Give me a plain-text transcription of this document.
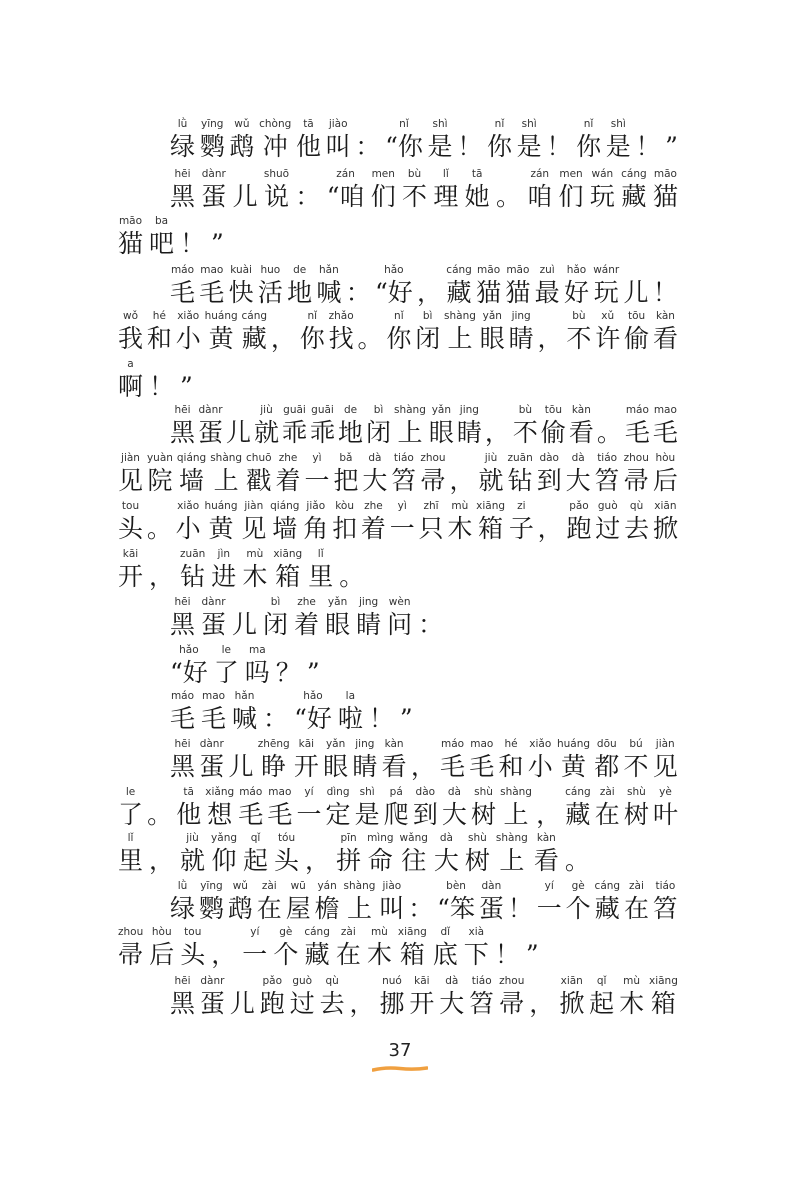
绿lǜ
鹦yīng
鹉wǔ
冲chòng
他tā
叫jiào
： “你nǐ
是shì
！ 你nǐ
是shì
！ 你nǐ
是shì
！ ”
黑hēi
蛋dànr
儿 说shuō
： “咱zán
们men
不bù
理lǐ
她tā
。 咱zán
们men
玩wán
藏cáng
猫māo
猫māo
吧ba
！ ”
毛máo
毛mao
快kuài
活huo
地de
喊hǎn
： “好hǎo
， 藏cáng
猫māo
猫māo
最zuì
好hǎo
玩wánr
儿 ！
我wǒ
和hé
小xiǎo
黄huáng
藏cáng
， 你nǐ
找zhǎo
。 你nǐ
闭bì
上shàng
眼yǎn
睛jing
， 不bù
许xǔ
偷tōu
看kàn
啊a
！ ”
黑hēi
蛋dànr
儿 就jiù
乖guāi
乖guāi
地de
闭bì
上shàng
眼yǎn
睛jing
， 不bù
偷tōu
看kàn
。 毛máo
毛mao
见jiàn
院yuàn
墙qiáng
上shàng
戳chuō
着zhe
一yì
把bǎ
大dà
笤tiáo
帚zhou
， 就jiù
钻zuān
到dào
大dà
笤tiáo
帚zhou
后hòu
头tou
。 小xiǎo
黄huáng
见jiàn
墙qiáng
角jiǎo
扣kòu
着zhe
一yì
只zhī
木mù
箱xiāng
子zi
， 跑pǎo
过guò
去qù
掀xiān
开kāi
， 钻zuān
进jìn
木mù
箱xiāng
里lǐ
。
黑hēi
蛋dànr
儿 闭bì
着zhe
眼yǎn
睛jing
问wèn
：
“好hǎo
了le
吗ma
？ ”
毛máo
毛mao
喊hǎn
： “好hǎo
啦la
！ ”
黑hēi
蛋dànr
儿 睁zhēng
开kāi
眼yǎn
睛jing
看kàn
， 毛máo
毛mao
和hé
小xiǎo
黄huáng
都dōu
不bú
见jiàn
了le
。 他tā
想xiǎng
毛máo
毛mao
一yí
定dìng
是shì
爬pá
到dào
大dà
树shù
上shàng
， 藏cáng
在zài
树shù
叶yè
里lǐ
， 就jiù
仰yǎng
起qǐ
头tóu
， 拼pīn
命mìng
往wǎng
大dà
树shù
上shàng
看kàn
。
绿lǜ
鹦yīng
鹉wǔ
在zài
屋wū
檐yán
上shàng
叫jiào
： “笨bèn
蛋dàn
！ 一yí
个gè
藏cáng
在zài
笤tiáo
帚zhou
后hòu
头tou
， 一yí
个gè
藏cáng
在zài
木mù
箱xiāng
底dǐ
下xià
！ ”
黑hēi
蛋dànr
儿 跑pǎo
过guò
去qù
， 挪nuó
开kāi
大dà
笤tiáo
帚zhou
， 掀xiān
起qǐ
木mù
箱xiāng
37
